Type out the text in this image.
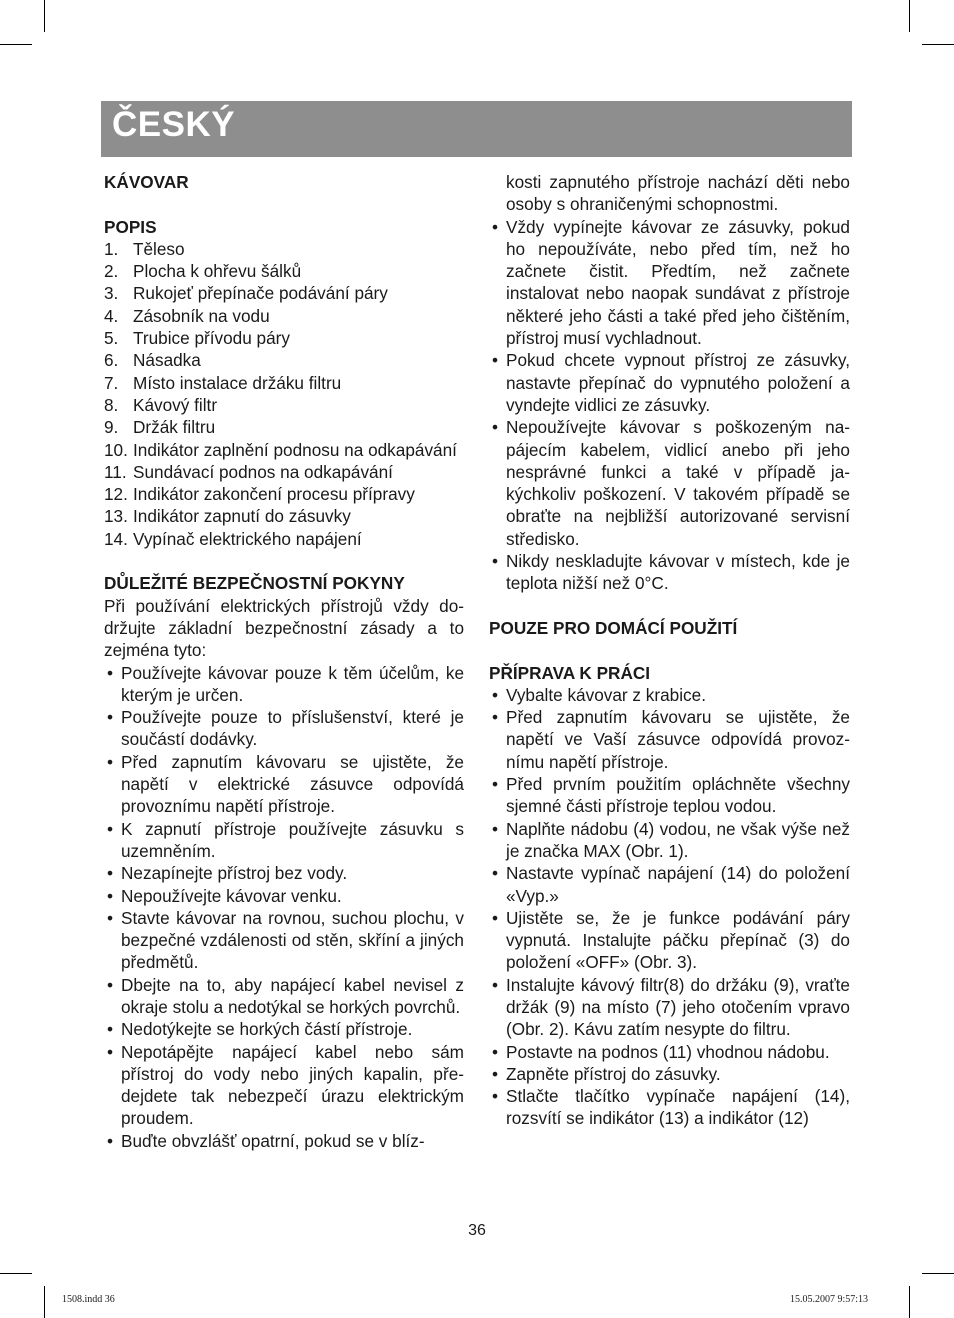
ČESKÝ
KÁVOVAR
POPIS
1. Těleso
2. Plocha k ohřevu šálků
3. Rukojeť přepínače podávání páry
4. Zásobník na vodu
5. Trubice přívodu páry
6. Násadka
7. Místo instalace držáku filtru
8. Kávový filtr
9. Držák filtru
10. Indikátor zaplnění podnosu na odkapávání
11. Sundávací podnos na odkapávání
12. Indikátor zakončení procesu přípravy
13. Indikátor zapnutí do zásuvky
14. Vypínač elektrického napájení
DŮLEŽITÉ BEZPEČNOSTNÍ POKYNY
Při používání elektrických přístrojů vždy dodržujte základní bezpečnostní zásady a to zejména tyto:
• Používejte kávovar pouze k těm účelům, ke kterým je určen.
• Používejte pouze to příslušenství, které je součástí dodávky.
• Před zapnutím kávovaru se ujistěte, že napětí v elektrické zásuvce odpovídá provoznímu napětí přístroje.
• K zapnutí přístroje používejte zásuvku s uzemněním.
• Nezapínejte přístroj bez vody.
• Nepoužívejte kávovar venku.
• Stavte kávovar na rovnou, suchou plochu, v bezpečné vzdálenosti od stěn, skříní a jiných předmětů.
• Dbejte na to, aby napájecí kabel nevisel z okraje stolu a nedotýkal se horkých povrchů.
• Nedotýkejte se horkých částí přístroje.
• Nepotápějte napájecí kabel nebo sám přístroj do vody nebo jiných kapalin, předejdete tak nebezpečí úrazu elektrickým proudem.
• Buďte obvzlášť opatrní, pokud se v blíz-
kosti zapnutého přístroje nachází děti nebo osoby s ohraničenými schopnostmi.
• Vždy vypínejte kávovar ze zásuvky, pokud ho nepoužíváte, nebo před tím, než ho začnete čistit. Předtím, než začnete instalovat nebo naopak sundávat z přístroje některé jeho části a také před jeho čištěním, přístroj musí vychladnout.
• Pokud chcete vypnout přístroj ze zásuvky, nastavte přepínač do vypnutého položení a vyndejte vidlici ze zásuvky.
• Nepoužívejte kávovar s poškozeným napájecím kabelem, vidlicí anebo při jeho nesprávné funkci a také v případě jakýchkoliv poškození. V takovém případě se obraťte na nejbližší autorizované servisní středisko.
• Nikdy neskladujte kávovar v místech, kde je teplota nižší než 0°C.
POUZE PRO DOMÁCÍ POUŽITÍ
PŘÍPRAVA K PRÁCI
• Vybalte kávovar z krabice.
• Před zapnutím kávovaru se ujistěte, že napětí ve Vaší zásuvce odpovídá provoznímu napětí přístroje.
• Před prvním použitím opláchněte všechny sjemné části přístroje teplou vodou.
• Naplňte nádobu (4) vodou, ne však výše než je značka MAX (Obr. 1).
• Nastavte vypínač napájení (14) do položení «Vyp.»
• Ujistěte se, že je funkce podávání páry vypnutá. Instalujte páčku přepínač (3) do položení «OFF» (Obr. 3).
• Instalujte kávový filtr(8) do držáku (9), vraťte držák (9) na místo (7) jeho otočením vpravo (Obr. 2). Kávu zatím nesypte do filtru.
• Postavte na podnos (11) vhodnou nádobu.
• Zapněte přístroj do zásuvky.
• Stlačte tlačítko vypínače napájení (14), rozsvítí se indikátor (13) a indikátor (12)
36
1508.indd 36	15.05.2007 9:57:13
